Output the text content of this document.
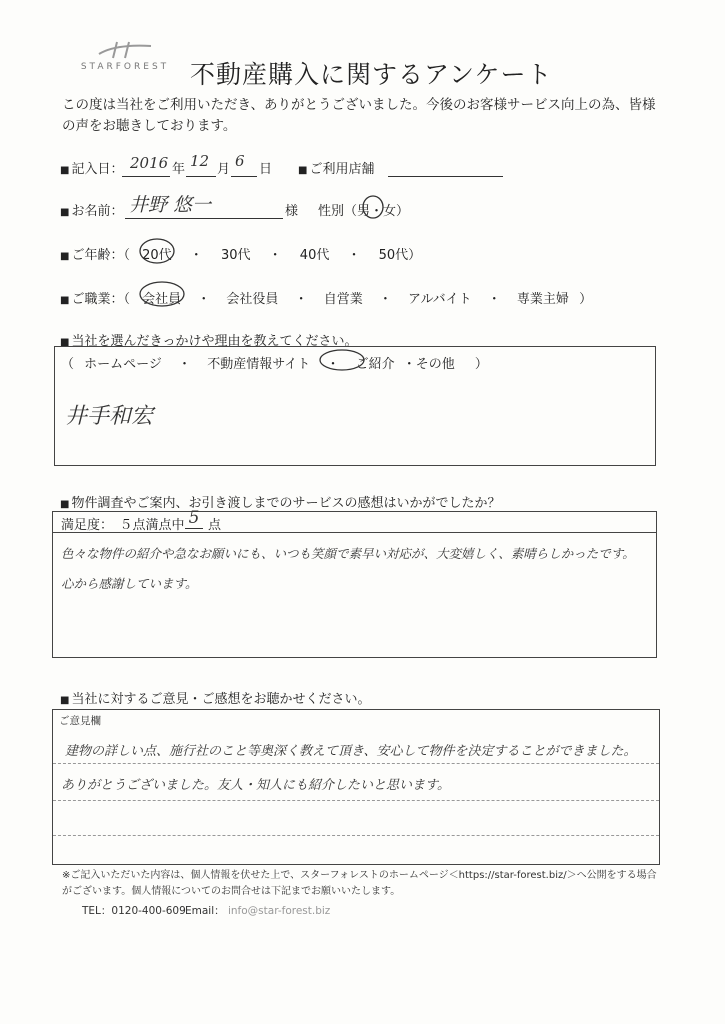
STARFOREST 不動産購入に関するアンケート
この度は当社をご利用いただき、ありがとうございました。今後のお客様サービス向上の為、皆様の声をお聴きしております。
■ 記入日： 2016 年 12 月 6 日	■ ご利用店舗
■ お名前： 井野 悠一	様 性別（男・女）
■ ご年齢：（ 20代 ・ 30代 ・ 40代 ・ 50代）
■ ご職業：（ 会社員 ・ 会社役員 ・ 自営業 ・ アルバイト ・ 専業主婦 ）
■ 当社を選んだきっかけや理由を教えてください。
（ ホームページ ・ 不動産情報サイト ・ ご紹介 ・その他 ）
井手和宏
■ 物件調査やご案内、お引き渡しまでのサービスの感想はいかがでしたか？
満足度：　５点満点中 5 点
色々な物件の紹介や急なお願いにも、いつも笑顔で素早い対応が、大変嬉しく、素晴らしかったです。
心から感謝しています。
■ 当社に対するご意見・ご感想をお聴かせください。
ご意見欄
建物の詳しい点、施行社のこと等奥深く教えて頂き、安心して物件を決定することができました。
ありがとうございました。友人・知人にも紹介したいと思います。
※ご記入いただいた内容は、個人情報を伏せた上で、スターフォレストのホームページ＜https://star-forest.biz/＞へ公開をする場合
がございます。個人情報についてのお問合せは下記までお願いいたします。
TEL：0120-400-609 Email： info@star-forest.biz
